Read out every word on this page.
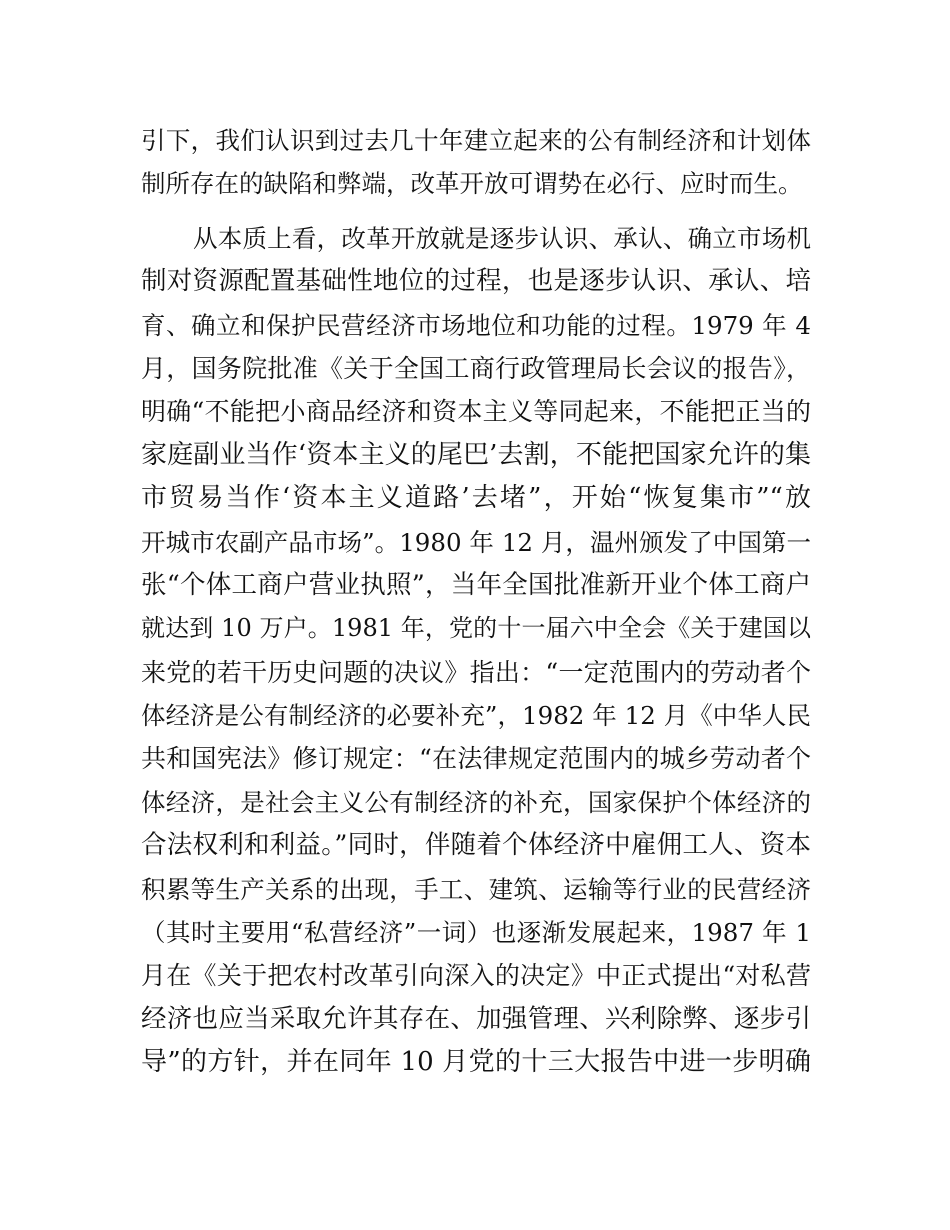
引下，我们认识到过去几十年建立起来的公有制经济和计划体
制所存在的缺陷和弊端，改革开放可谓势在必行、应时而生。
从本质上看，改革开放就是逐步认识、承认、确立市场机
制对资源配置基础性地位的过程，也是逐步认识、承认、培
育、确立和保护民营经济市场地位和功能的过程。1979 年 4
月，国务院批准《关于全国工商行政管理局长会议的报告》，
明确“不能把小商品经济和资本主义等同起来，不能把正当的
家庭副业当作‘资本主义的尾巴’去割，不能把国家允许的集
市贸易当作‘资本主义道路’去堵”，开始“恢复集市”“放
开城市农副产品市场”。1980 年 12 月，温州颁发了中国第一
张“个体工商户营业执照”，当年全国批准新开业个体工商户
就达到 10 万户。1981 年，党的十一届六中全会《关于建国以
来党的若干历史问题的决议》指出：“一定范围内的劳动者个
体经济是公有制经济的必要补充”，1982 年 12 月《中华人民
共和国宪法》修订规定：“在法律规定范围内的城乡劳动者个
体经济，是社会主义公有制经济的补充，国家保护个体经济的
合法权利和利益。”同时，伴随着个体经济中雇佣工人、资本
积累等生产关系的出现，手工、建筑、运输等行业的民营经济
（其时主要用“私营经济”一词）也逐渐发展起来，1987 年 1
月在《关于把农村改革引向深入的决定》中正式提出“对私营
经济也应当采取允许其存在、加强管理、兴利除弊、逐步引
导”的方针，并在同年 10 月党的十三大报告中进一步明确
